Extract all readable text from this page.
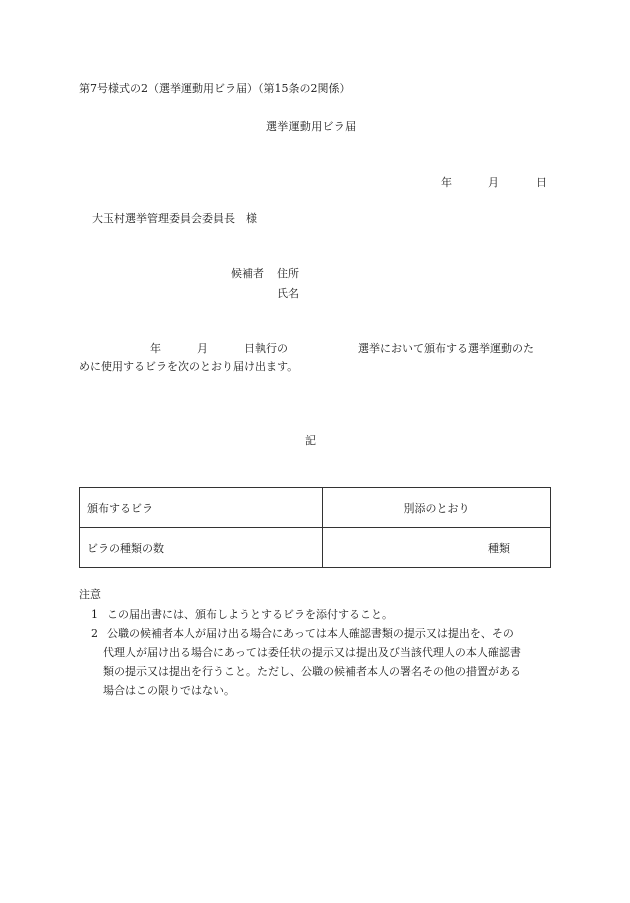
第7号様式の2（選挙運動用ビラ届）（第15条の2関係）
選挙運動用ビラ届
年	月	日
大玉村選挙管理委員会委員長　様
候補者 住所
氏名
年	月	日執行の	選挙において頒布する選挙運動のた
めに使用するビラを次のとおり届け出ます。
記
頒布するビラ	別添のとおり
ビラの種類の数	種類
注意
1 この届出書には、頒布しようとするビラを添付すること。
2 公職の候補者本人が届け出る場合にあっては本人確認書類の提示又は提出を、その
代理人が届け出る場合にあっては委任状の提示又は提出及び当該代理人の本人確認書
類の提示又は提出を行うこと。ただし、公職の候補者本人の署名その他の措置がある
場合はこの限りではない。
